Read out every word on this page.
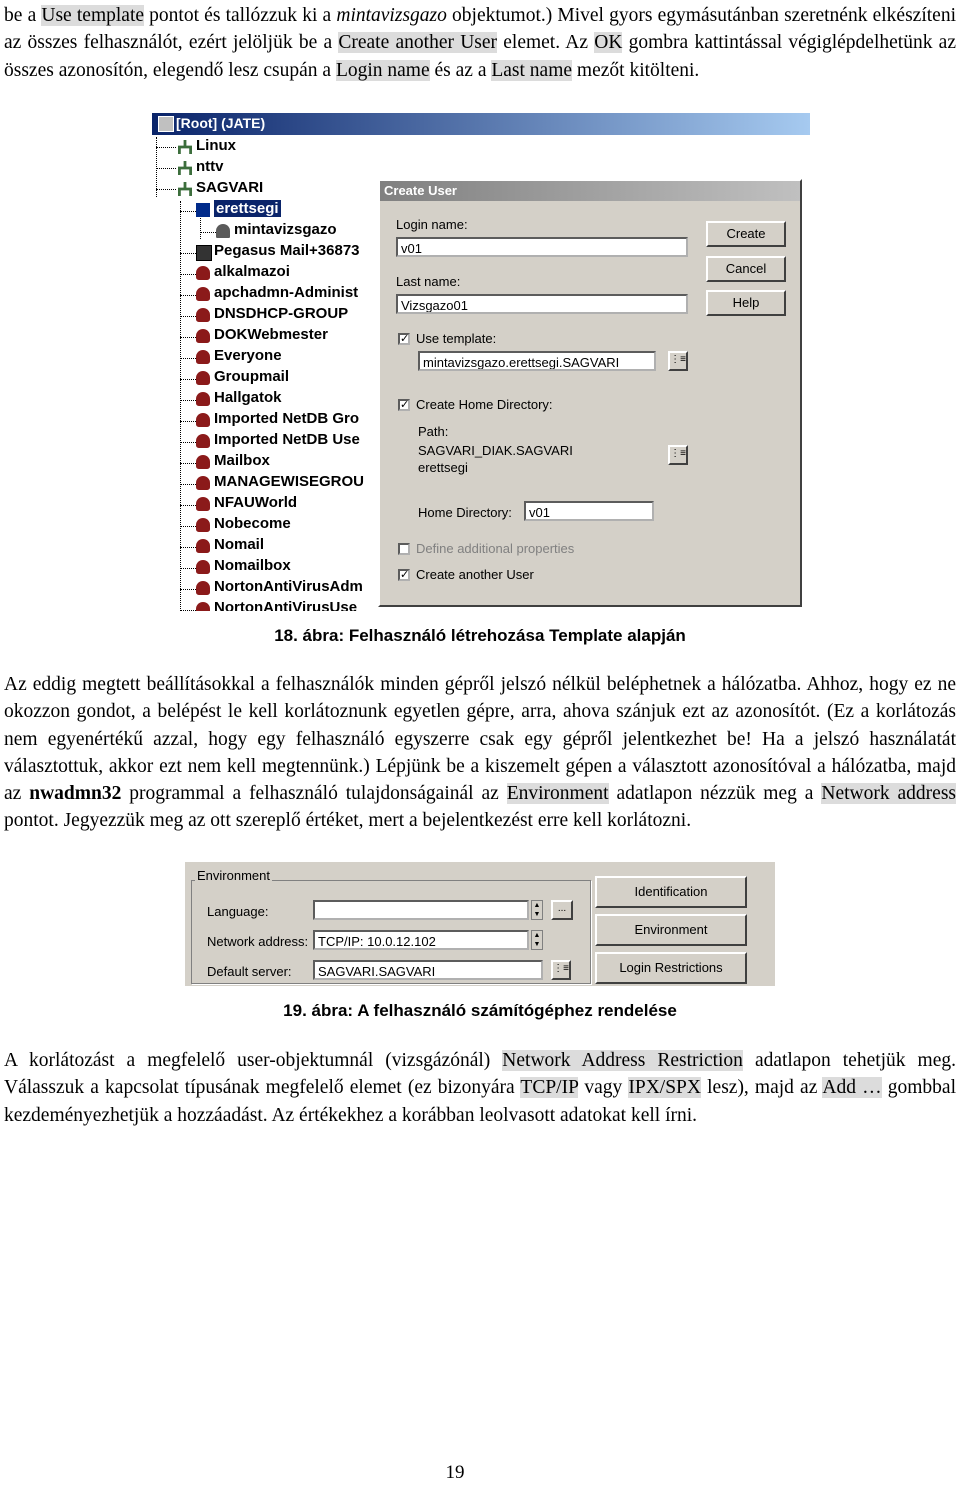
be a Use template pontot és tallózzuk ki a mintavizsgazo objektumot.) Mivel gyors egymásutánban szeretnénk elkészíteni az összes felhasználót, ezért jelöljük be a Create another User elemet. Az OK gombra kattintással végiglépdelhetünk az összes azonosítón, elegendő lesz csupán a Login name és az a Last name mezőt kitölteni.

[Root] (JATE)
Linux
nttv
SAGVARI
erettsegi
mintavizsgazo
Pegasus Mail+36873
alkalmazoi
apchadmn-Administ
DNSDHCP-GROUP
DOKWebmester
Everyone
Groupmail
Hallgatok
Imported NetDB Gro
Imported NetDB Use
Mailbox
MANAGEWISEGROU
NFAUWorld
Nobecome
Nomail
Nomailbox
NortonAntiVirusAdm
NortonAntiVirusUse
Create User
Login name:
v01
Last name:
Vizsgazo01
✓ Use template:
mintavizsgazo.erettsegi.SAGVARI	⋮≡
✓ Create Home Directory:
Path:
SAGVARI_DIAK.SAGVARI
erettsegi
⋮≡
Home Directory:	v01
Define additional properties
✓ Create another User
Create
Cancel
Help
18. ábra: Felhasználó létrehozása Template alapján

Az eddig megtett beállításokkal a felhasználók minden gépről jelszó nélkül beléphetnek a hálózatba. Ahhoz, hogy ez ne okozzon gondot, a belépést le kell korlátoznunk egyetlen gépre, arra, ahova szánjuk ezt az azonosítót. (Ez a korlátozás nem egyenértékű azzal, hogy egy felhasználó egyszerre csak egy gépről jelentkezhet be! Ha a jelszó használatát választottuk, akkor ezt nem kell megtennünk.) Lépjünk be a kiszemelt gépen a választott azonosítóval a hálózatba, majd az nwadmn32 programmal a felhasználó tulajdonságainál az Environment adatlapon nézzük meg a Network address pontot. Jegyezzük meg az ott szereplő értéket, mert a bejelentkezést erre kell korlátozni.

Environment
Language:	▲
▼
...
Network address: TCP/IP: 10.0.12.102	▲
▼
Default server:	SAGVARI.SAGVARI	⋮≡
Identification
Environment
Login Restrictions
19. ábra: A felhasználó számítógéphez rendelése

A korlátozást a megfelelő user-objektumnál (vizsgázónál) Network Address Restriction adatlapon tehetjük meg. Válasszuk a kapcsolat típusának megfelelő elemet (ez bizonyára TCP/IP vagy IPX/SPX lesz), majd az Add … gombbal kezdeményezhetjük a hozzáadást. Az értékekhez a korábban leolvasott adatokat kell írni.

19
